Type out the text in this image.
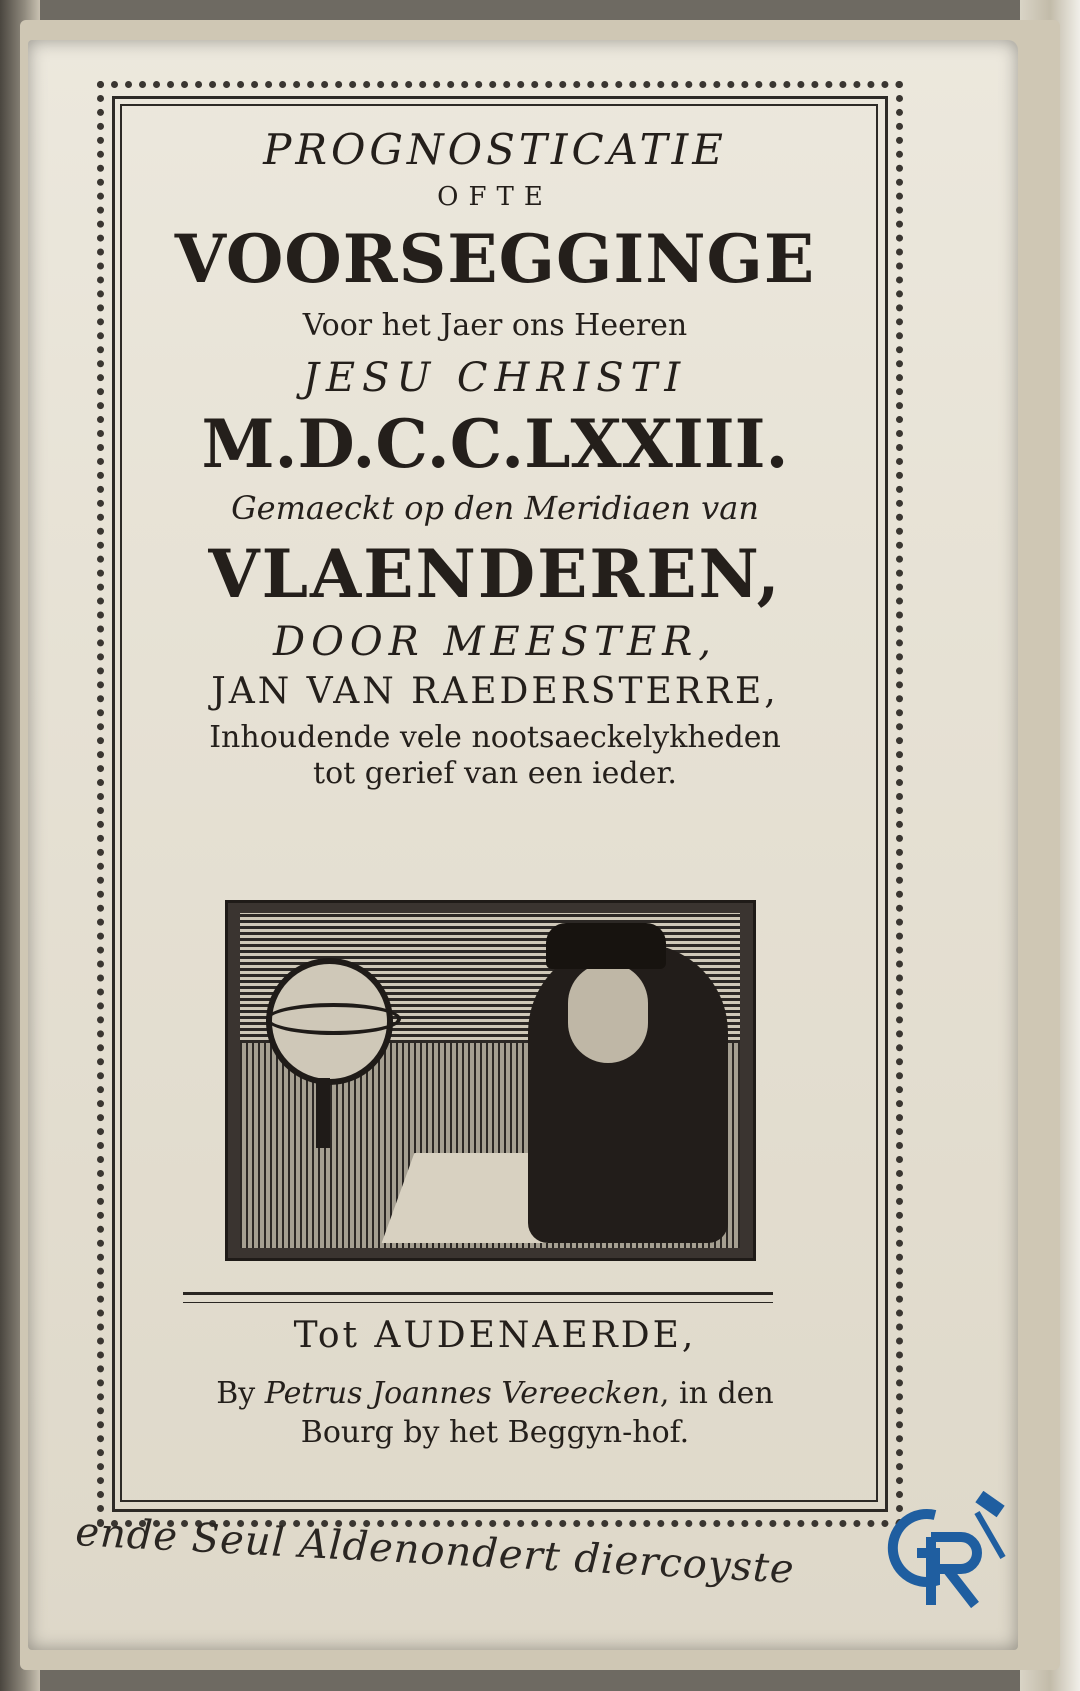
PROGNOSTICATIE

OFTE

VOORSEGGINGE

Voor het Jaer ons Heeren

JESU CHRISTI

M.D.C.C.LXXIII.

Gemaeckt op den Meridiaen van

VLAENDEREN,

DOOR MEESTER,

JAN VAN RAEDERSTERRE,

Inhoudende vele nootsaeckelykheden
tot gerief van een ieder.

Tot AUDENAERDE,

By Petrus Joannes Vereecken, in den
Bourg by het Beggyn-hof.

ende Seul Aldenondert diercoyste
